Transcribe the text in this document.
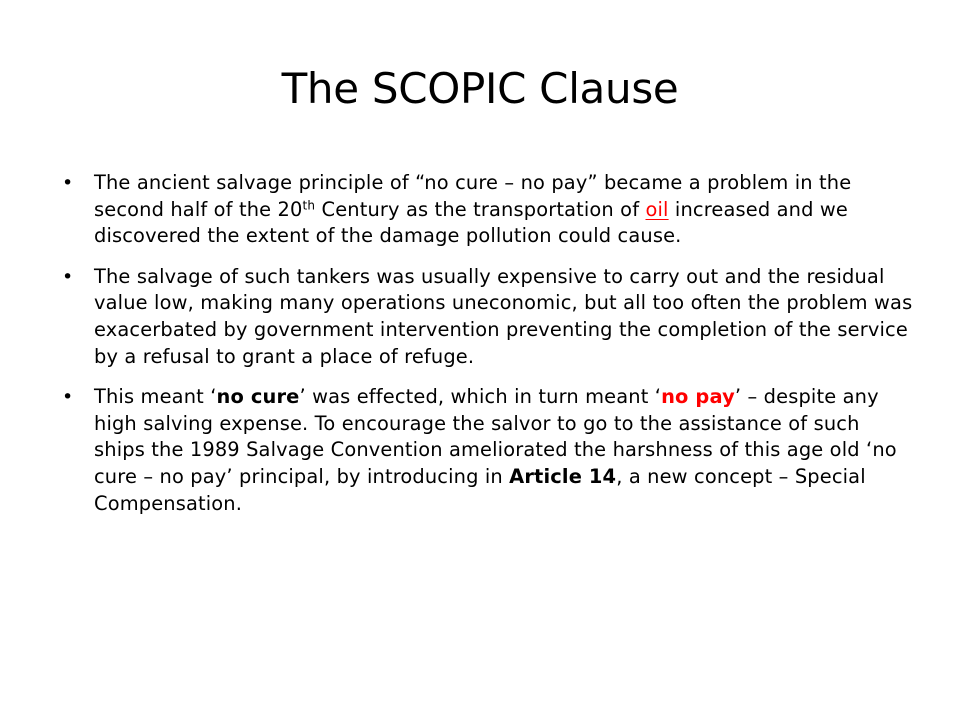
The SCOPIC Clause
• The ancient salvage principle of “no cure – no pay” became a problem in the second half of the 20th Century as the transportation of oil increased and we discovered the extent of the damage pollution could cause.
• The salvage of such tankers was usually expensive to carry out and the residual value low, making many operations uneconomic, but all too often the problem was exacerbated by government intervention preventing the completion of the service by a refusal to grant a place of refuge.
• This meant ‘no cure’ was effected, which in turn meant ‘no pay’ – despite any high salving expense. To encourage the salvor to go to the assistance of such ships the 1989 Salvage Convention ameliorated the harshness of this age old ‘no cure – no pay’ principal, by introducing in Article 14, a new concept – Special Compensation.
